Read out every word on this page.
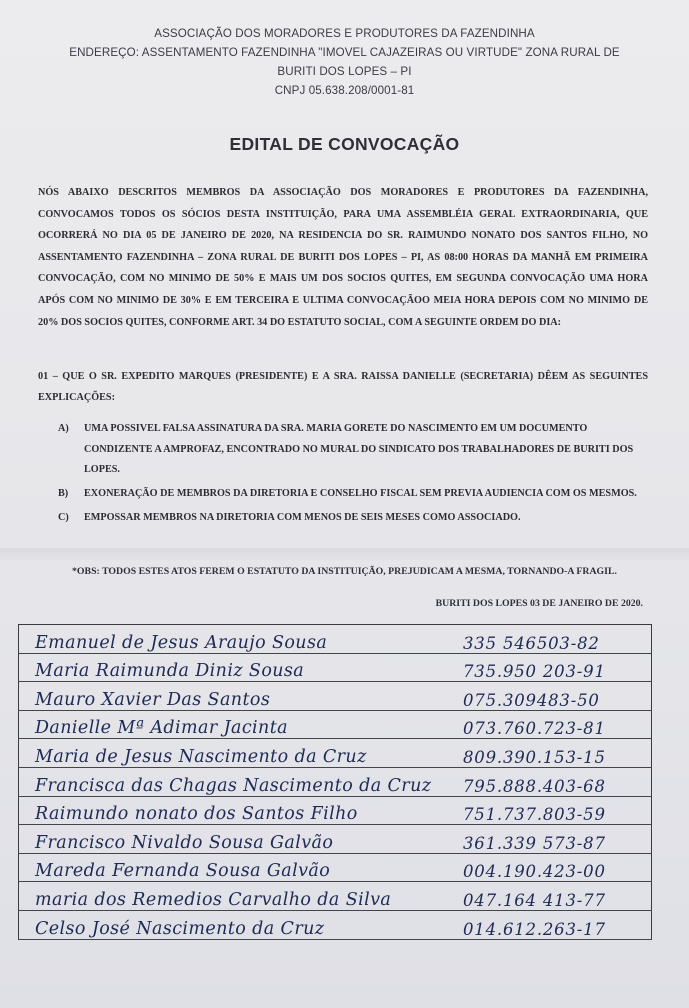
ASSOCIAÇÃO DOS MORADORES E PRODUTORES DA FAZENDINHA
ENDEREÇO: ASSENTAMENTO FAZENDINHA "IMOVEL CAJAZEIRAS OU VIRTUDE" ZONA RURAL DE
BURITI DOS LOPES – PI
CNPJ 05.638.208/0001-81
EDITAL DE CONVOCAÇÃO
NÓS ABAIXO DESCRITOS MEMBROS DA ASSOCIAÇÃO DOS MORADORES E PRODUTORES DA FAZENDINHA, CONVOCAMOS TODOS OS SÓCIOS DESTA INSTITUIÇÃO, PARA UMA ASSEMBLÉIA GERAL EXTRAORDINARIA, QUE OCORRERÁ NO DIA 05 DE JANEIRO DE 2020, NA RESIDENCIA DO SR. RAIMUNDO NONATO DOS SANTOS FILHO, NO ASSENTAMENTO FAZENDINHA – ZONA RURAL DE BURITI DOS LOPES – PI, AS 08:00 HORAS DA MANHÃ EM PRIMEIRA CONVOCAÇÃO, COM NO MINIMO DE 50% E MAIS UM DOS SOCIOS QUITES, EM SEGUNDA CONVOCAÇÃO UMA HORA APÓS COM NO MINIMO DE 30% E EM TERCEIRA E ULTIMA CONVOCAÇÃOO MEIA HORA DEPOIS COM NO MINIMO DE 20% DOS SOCIOS QUITES, CONFORME ART. 34 DO ESTATUTO SOCIAL, COM A SEGUINTE ORDEM DO DIA:
01 – QUE O SR. EXPEDITO MARQUES (PRESIDENTE) E A SRA. RAISSA DANIELLE (SECRETARIA) DÊEM AS SEGUINTES EXPLICAÇÕES:
A) UMA POSSIVEL FALSA ASSINATURA DA SRA. MARIA GORETE DO NASCIMENTO EM UM DOCUMENTO CONDIZENTE A AMPROFAZ, ENCONTRADO NO MURAL DO SINDICATO DOS TRABALHADORES DE BURITI DOS LOPES.
B) EXONERAÇÃO DE MEMBROS DA DIRETORIA E CONSELHO FISCAL SEM PREVIA AUDIENCIA COM OS MESMOS.
C) EMPOSSAR MEMBROS NA DIRETORIA COM MENOS DE SEIS MESES COMO ASSOCIADO.
*OBS: TODOS ESTES ATOS FEREM O ESTATUTO DA INSTITUIÇÃO, PREJUDICAM A MESMA, TORNANDO-A FRAGIL.
BURITI DOS LOPES 03 DE JANEIRO DE 2020.
Emanuel de Jesus Araujo Sousa	335 546503-82
Maria Raimunda Diniz Sousa	735.950 203-91
Mauro Xavier Das Santos	075.309483-50
Danielle Mª Adimar Jacinta	073.760.723-81
Maria de Jesus Nascimento da Cruz	809.390.153-15
Francisca das Chagas Nascimento da Cruz	795.888.403-68
Raimundo nonato dos Santos Filho	751.737.803-59
Francisco Nivaldo Sousa Galvão	361.339 573-87
Mareda Fernanda Sousa Galvão	004.190.423-00
maria dos Remedios Carvalho da Silva	047.164 413-77
Celso José Nascimento da Cruz	014.612.263-17
